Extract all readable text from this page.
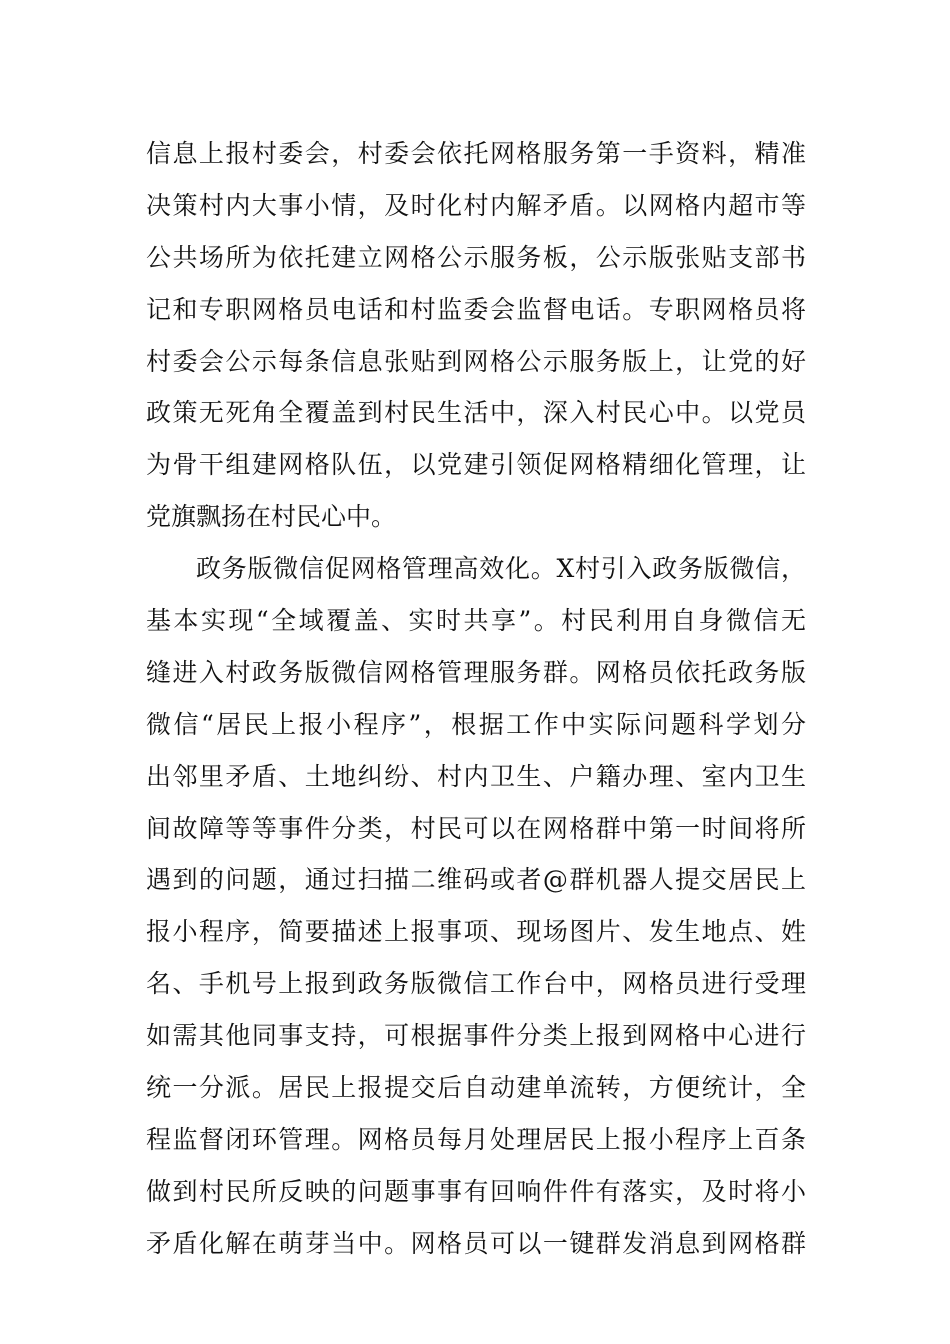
信息上报村委会，村委会依托网格服务第一手资料，精准
决策村内大事小情，及时化村内解矛盾。以网格内超市等
公共场所为依托建立网格公示服务板，公示版张贴支部书
记和专职网格员电话和村监委会监督电话。专职网格员将
村委会公示每条信息张贴到网格公示服务版上，让党的好
政策无死角全覆盖到村民生活中，深入村民心中。以党员
为骨干组建网格队伍，以党建引领促网格精细化管理，让
党旗飘扬在村民心中。
政务版微信促网格管理高效化。X村引入政务版微信，
基本实现“全域覆盖、实时共享”。村民利用自身微信无
缝进入村政务版微信网格管理服务群。网格员依托政务版
微信“居民上报小程序”，根据工作中实际问题科学划分
出邻里矛盾、土地纠纷、村内卫生、户籍办理、室内卫生
间故障等等事件分类，村民可以在网格群中第一时间将所
遇到的问题，通过扫描二维码或者@群机器人提交居民上
报小程序，简要描述上报事项、现场图片、发生地点、姓
名、手机号上报到政务版微信工作台中，网格员进行受理
如需其他同事支持，可根据事件分类上报到网格中心进行
统一分派。居民上报提交后自动建单流转，方便统计，全
程监督闭环管理。网格员每月处理居民上报小程序上百条
做到村民所反映的问题事事有回响件件有落实，及时将小
矛盾化解在萌芽当中。网格员可以一键群发消息到网格群
